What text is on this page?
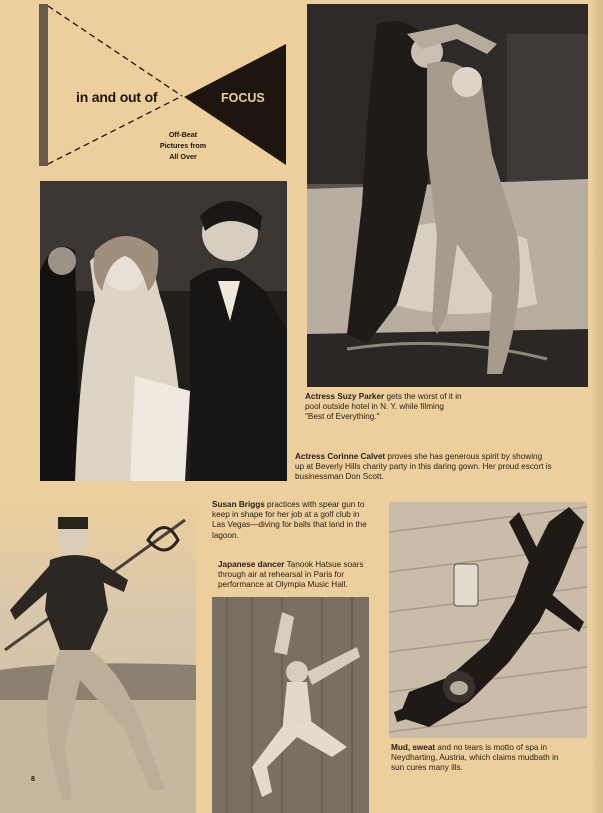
in and out of	FOCUS
Off-Beat
Pictures from
All Over

Actress Suzy Parker gets the worst of it in pool outside hotel in N. Y. while filming "Best of Everything."

Actress Corinne Calvet proves she has generous spirit by showing up at Beverly Hills charity party in this daring gown. Her proud escort is businessman Don Scott.

Susan Briggs practices with spear gun to keep in shape for her job at a golf club in Las Vegas—diving for balls that land in the lagoon.

Japanese dancer Tanook Hatsue soars through air at rehearsal in Paris for performance at Olympia Music Hall.

Mud, sweat and no tears is motto of spa in Neydharting, Austria, which claims mudbath in sun cures many ills.

8
